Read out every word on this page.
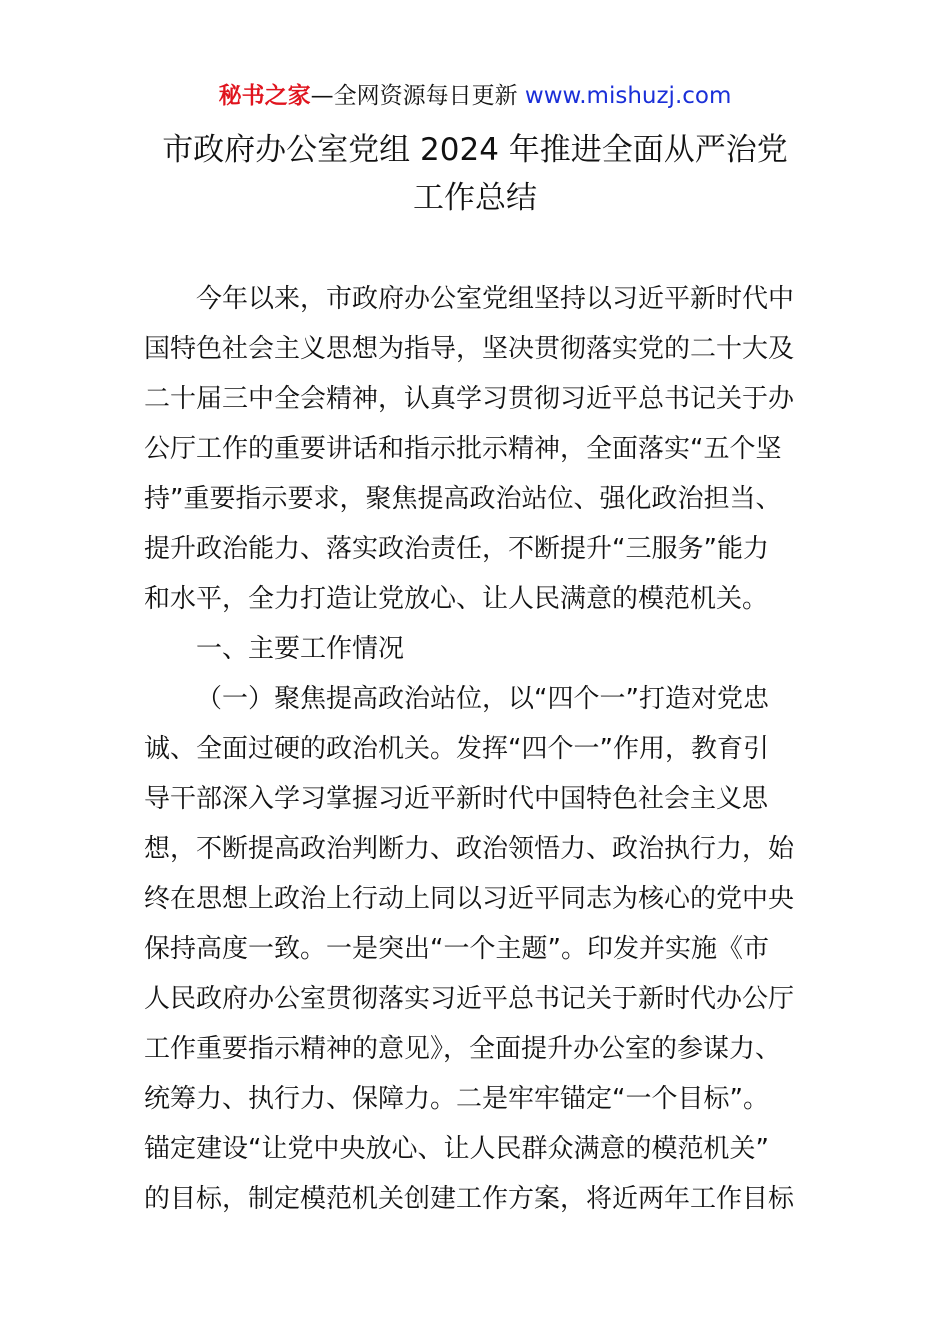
秘书之家—全网资源每日更新 www.mishuzj.com
市政府办公室党组 2024 年推进全面从严治党
工作总结
今年以来，市政府办公室党组坚持以习近平新时代中
国特色社会主义思想为指导，坚决贯彻落实党的二十大及
二十届三中全会精神，认真学习贯彻习近平总书记关于办
公厅工作的重要讲话和指示批示精神，全面落实“五个坚
持”重要指示要求，聚焦提高政治站位、强化政治担当、
提升政治能力、落实政治责任，不断提升“三服务”能力
和水平，全力打造让党放心、让人民满意的模范机关。
一、主要工作情况
（一）聚焦提高政治站位，以“四个一”打造对党忠
诚、全面过硬的政治机关。发挥“四个一”作用，教育引
导干部深入学习掌握习近平新时代中国特色社会主义思
想，不断提高政治判断力、政治领悟力、政治执行力，始
终在思想上政治上行动上同以习近平同志为核心的党中央
保持高度一致。一是突出“一个主题”。印发并实施《市
人民政府办公室贯彻落实习近平总书记关于新时代办公厅
工作重要指示精神的意见》，全面提升办公室的参谋力、
统筹力、执行力、保障力。二是牢牢锚定“一个目标”。
锚定建设“让党中央放心、让人民群众满意的模范机关”
的目标，制定模范机关创建工作方案，将近两年工作目标
